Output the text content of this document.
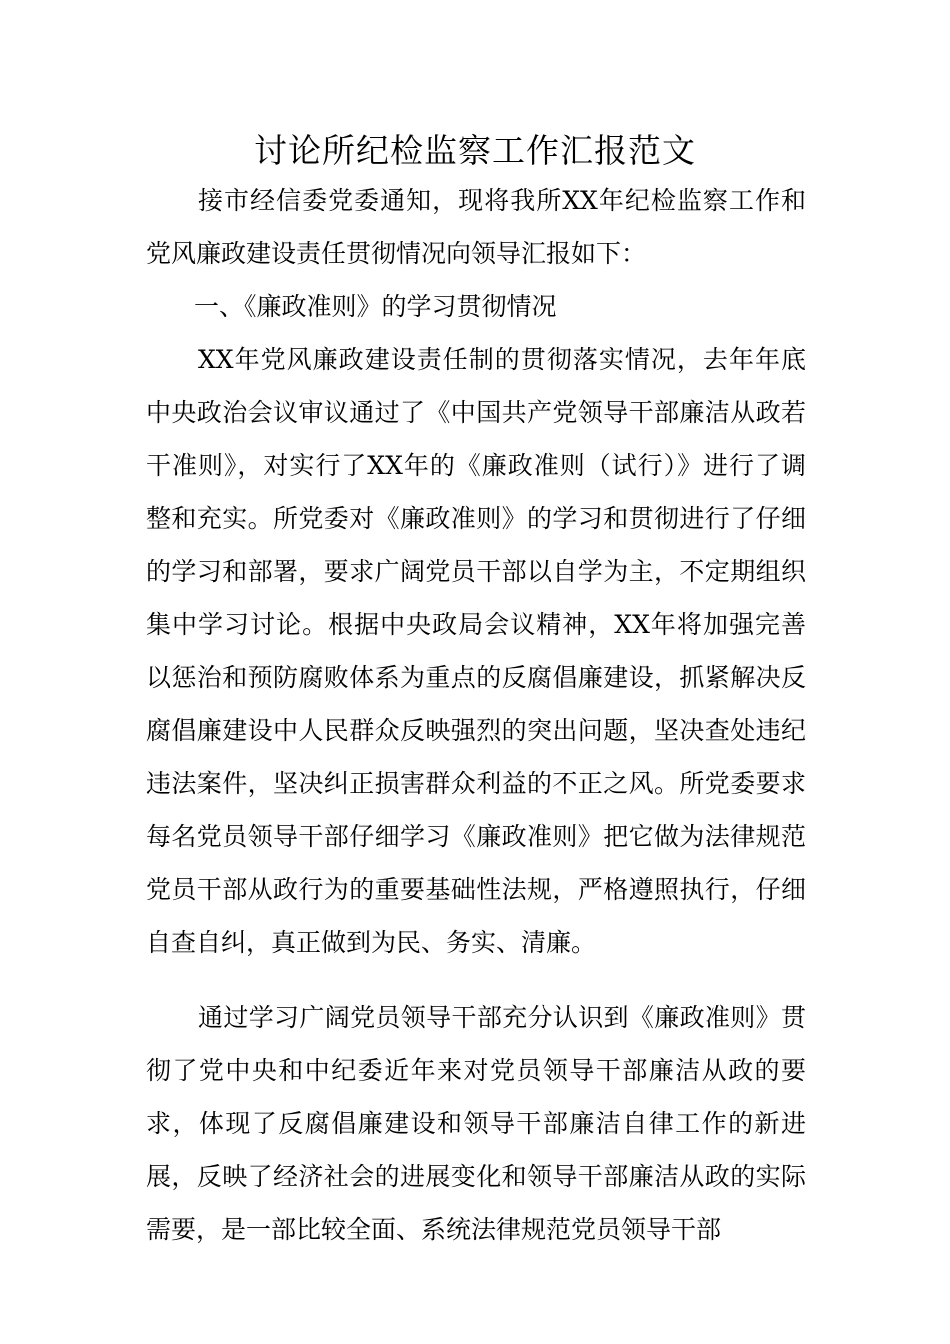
讨论所纪检监察工作汇报范文

接市经信委党委通知，现将我所XX年纪检监察工作和党风廉政建设责任贯彻情况向领导汇报如下：

一、《廉政准则》的学习贯彻情况

XX年党风廉政建设责任制的贯彻落实情况，去年年底中央政治会议审议通过了《中国共产党领导干部廉洁从政若干准则》，对实行了XX年的《廉政准则（试行）》进行了调整和充实。所党委对《廉政准则》的学习和贯彻进行了仔细的学习和部署，要求广阔党员干部以自学为主，不定期组织集中学习讨论。根据中央政局会议精神，XX年将加强完善以惩治和预防腐败体系为重点的反腐倡廉建设，抓紧解决反腐倡廉建设中人民群众反映强烈的突出问题，坚决查处违纪违法案件，坚决纠正损害群众利益的不正之风。所党委要求每名党员领导干部仔细学习《廉政准则》把它做为法律规范党员干部从政行为的重要基础性法规，严格遵照执行，仔细自查自纠，真正做到为民、务实、清廉。

通过学习广阔党员领导干部充分认识到《廉政准则》贯彻了党中央和中纪委近年来对党员领导干部廉洁从政的要求，体现了反腐倡廉建设和领导干部廉洁自律工作的新进展，反映了经济社会的进展变化和领导干部廉洁从政的实际需要，是一部比较全面、系统法律规范党员领导干部
